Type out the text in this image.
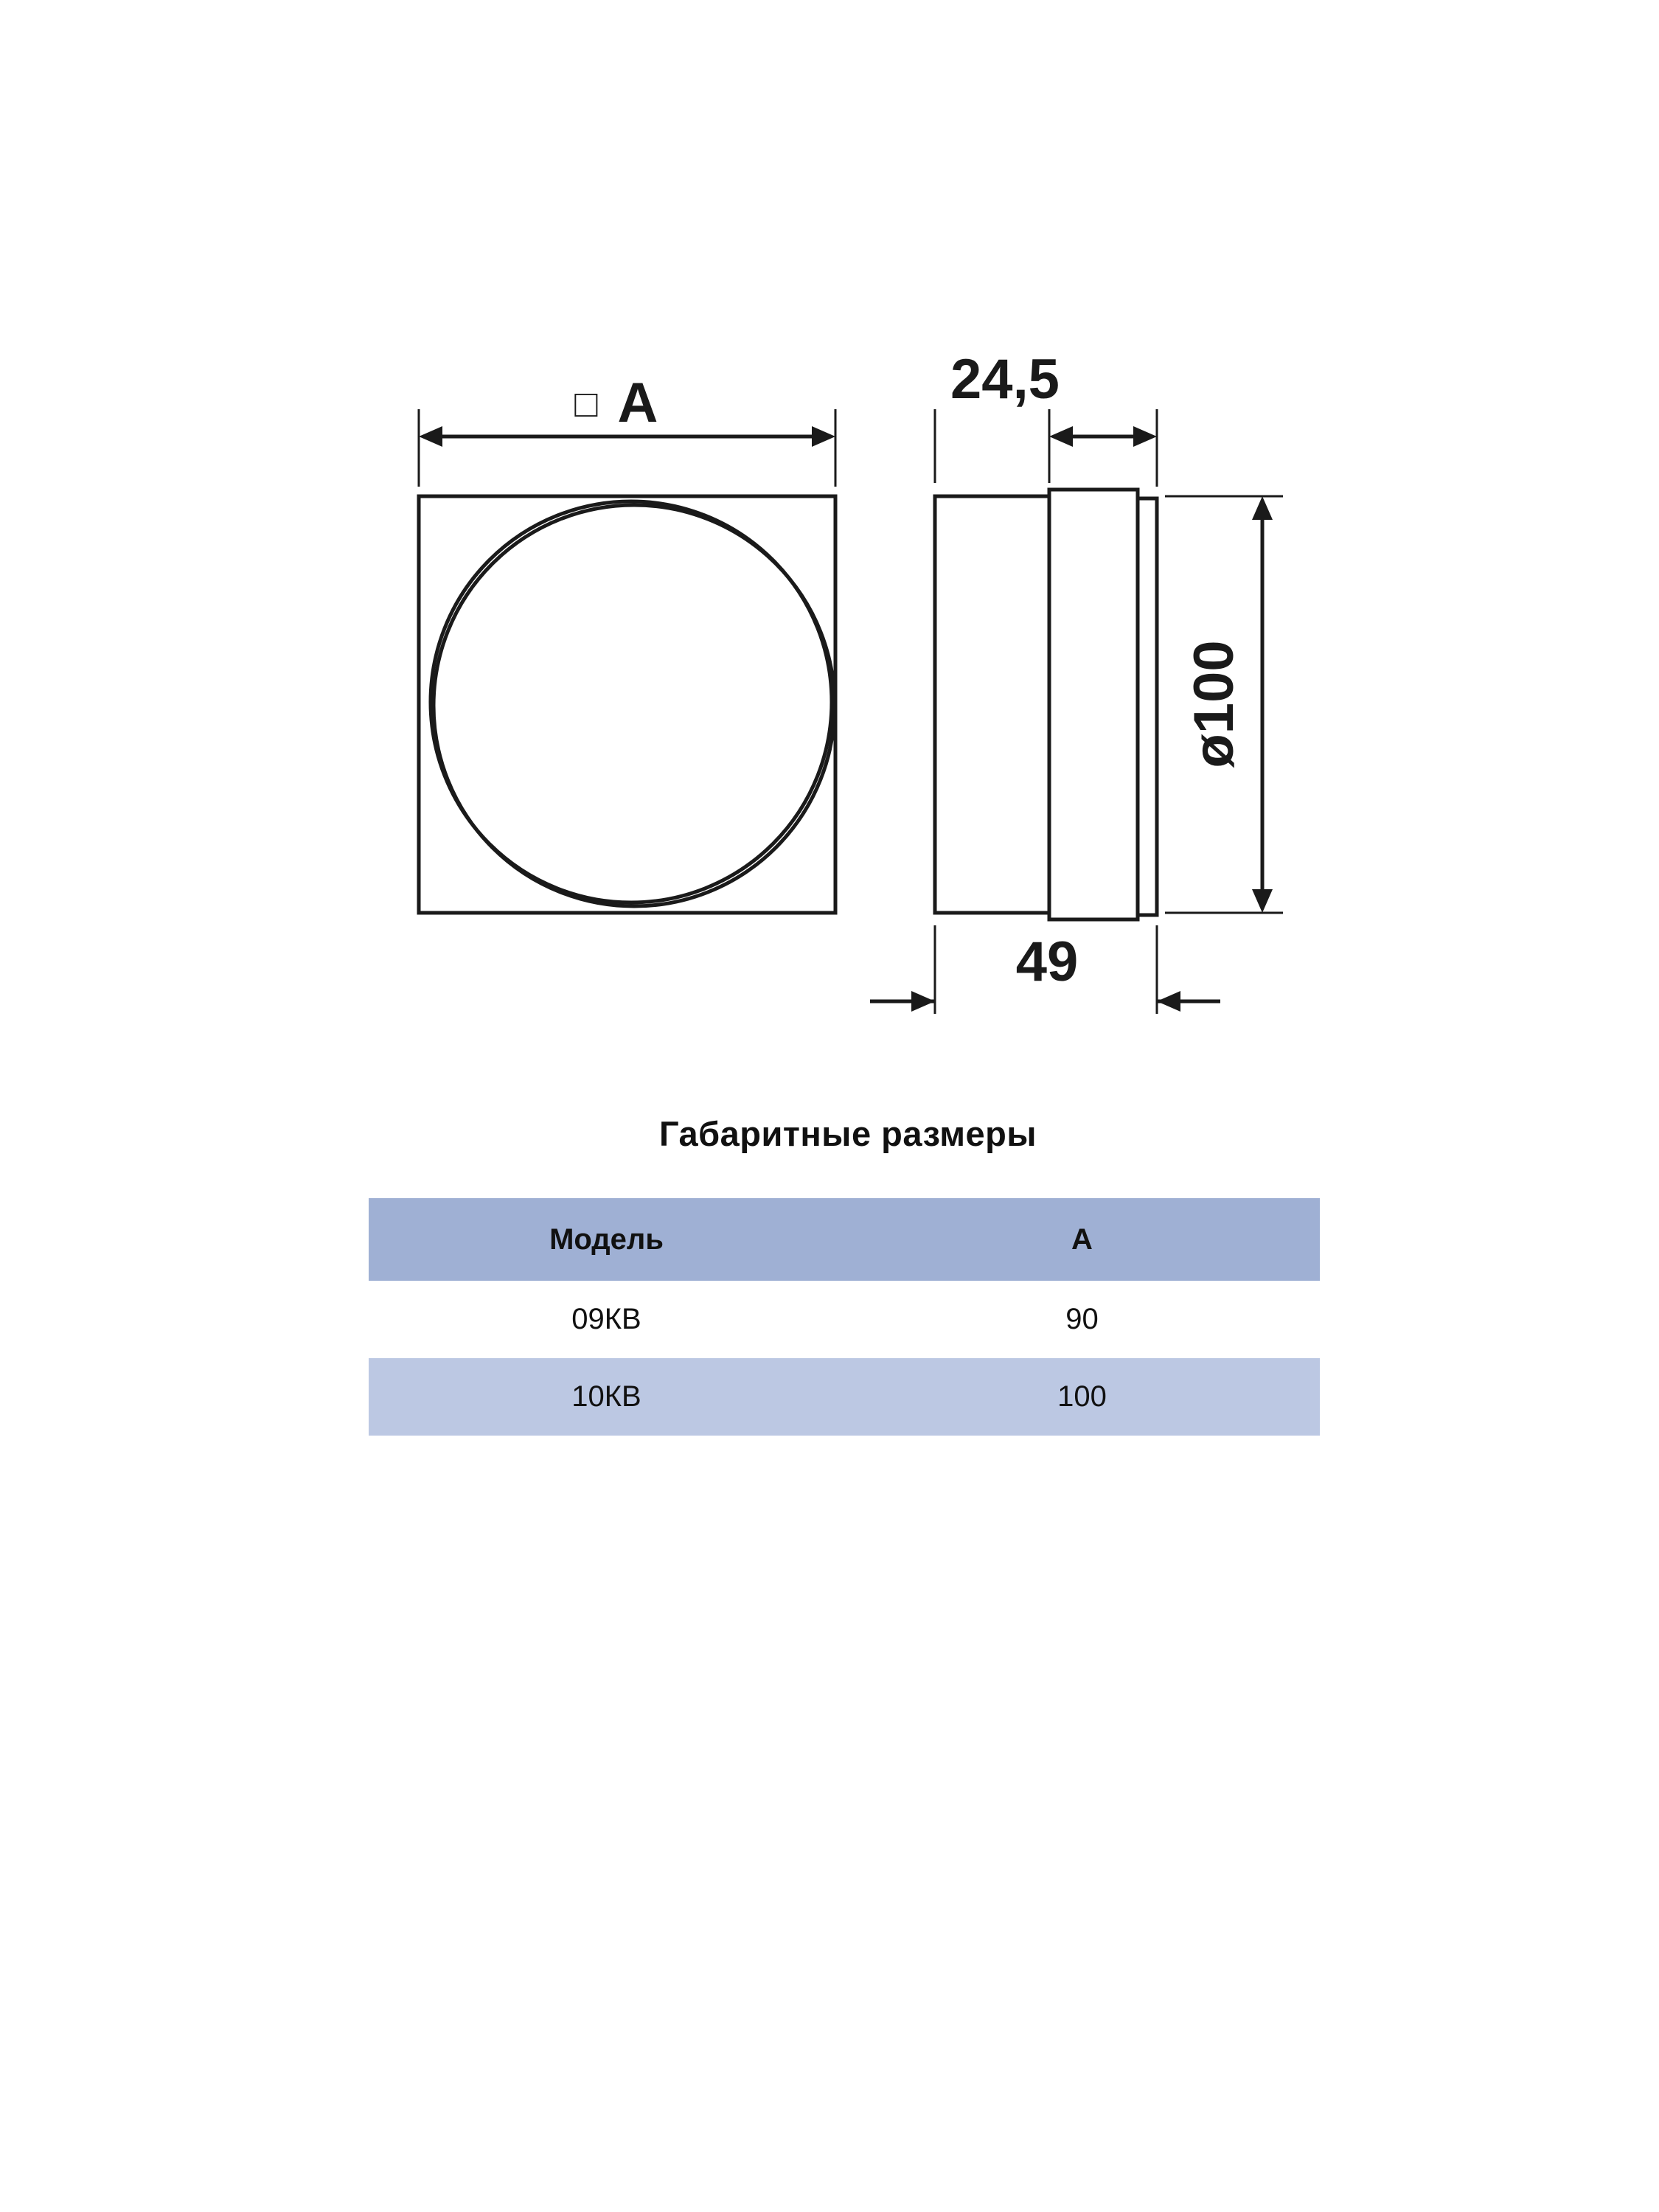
□ A	24,5
49
ø100
Габаритные размеры
Модель	A
09КВ	90
10КВ	100
